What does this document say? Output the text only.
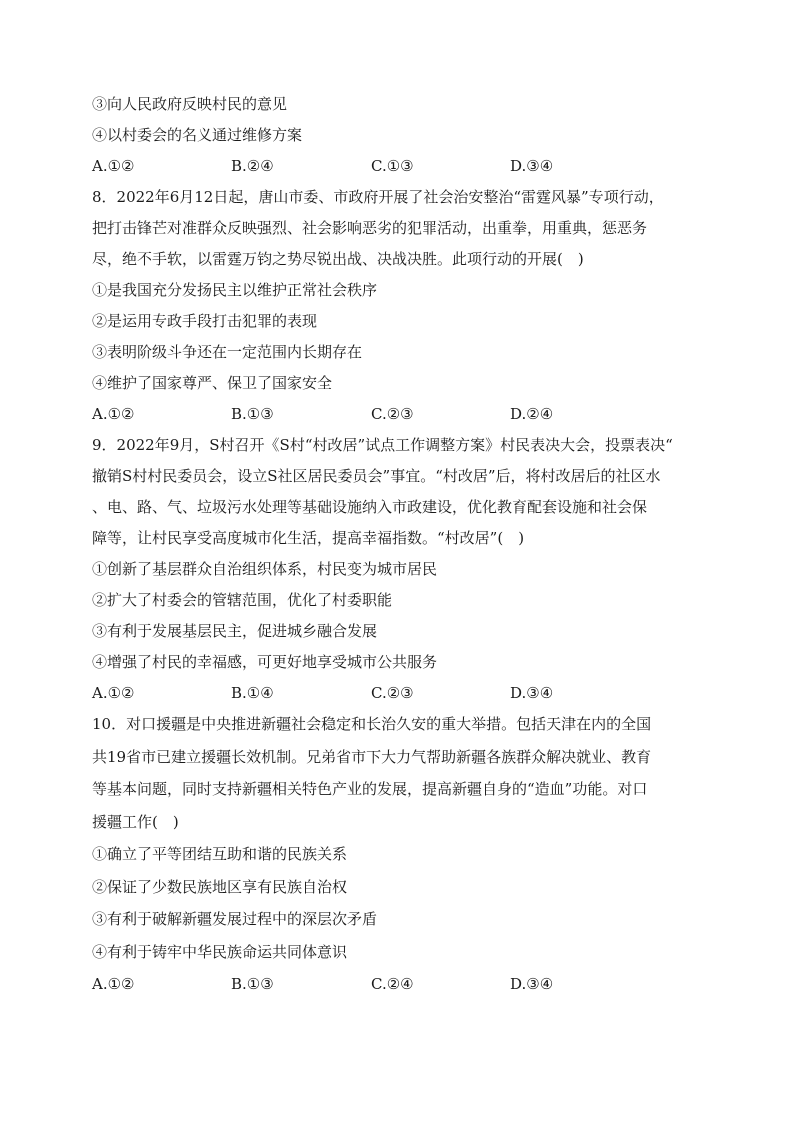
③向人民政府反映村民的意见
④以村委会的名义通过维修方案
A.①②	B.②④	C.①③	D.③④
8．2022年6月12日起，唐山市委、市政府开展了社会治安整治“雷霆风暴”专项行动，
把打击锋芒对准群众反映强烈、社会影响恶劣的犯罪活动，出重拳，用重典，惩恶务
尽，绝不手软，以雷霆万钧之势尽锐出战、决战决胜。此项行动的开展(　)
①是我国充分发扬民主以维护正常社会秩序
②是运用专政手段打击犯罪的表现
③表明阶级斗争还在一定范围内长期存在
④维护了国家尊严、保卫了国家安全
A.①②	B.①③	C.②③	D.②④
9．2022年9月，S村召开《S村“村改居”试点工作调整方案》村民表决大会，投票表决“
撤销S村村民委员会，设立S社区居民委员会”事宜。“村改居”后，将村改居后的社区水
、电、路、气、垃圾污水处理等基础设施纳入市政建设，优化教育配套设施和社会保
障等，让村民享受高度城市化生活，提高幸福指数。“村改居”(　)
①创新了基层群众自治组织体系，村民变为城市居民
②扩大了村委会的管辖范围，优化了村委职能
③有利于发展基层民主，促进城乡融合发展
④增强了村民的幸福感，可更好地享受城市公共服务
A.①②	B.①④	C.②③	D.③④
10．对口援疆是中央推进新疆社会稳定和长治久安的重大举措。包括天津在内的全国
共19省市已建立援疆长效机制。兄弟省市下大力气帮助新疆各族群众解决就业、教育
等基本问题，同时支持新疆相关特色产业的发展，提高新疆自身的“造血”功能。对口
援疆工作(　)
①确立了平等团结互助和谐的民族关系
②保证了少数民族地区享有民族自治权
③有利于破解新疆发展过程中的深层次矛盾
④有利于铸牢中华民族命运共同体意识
A.①②	B.①③	C.②④	D.③④
